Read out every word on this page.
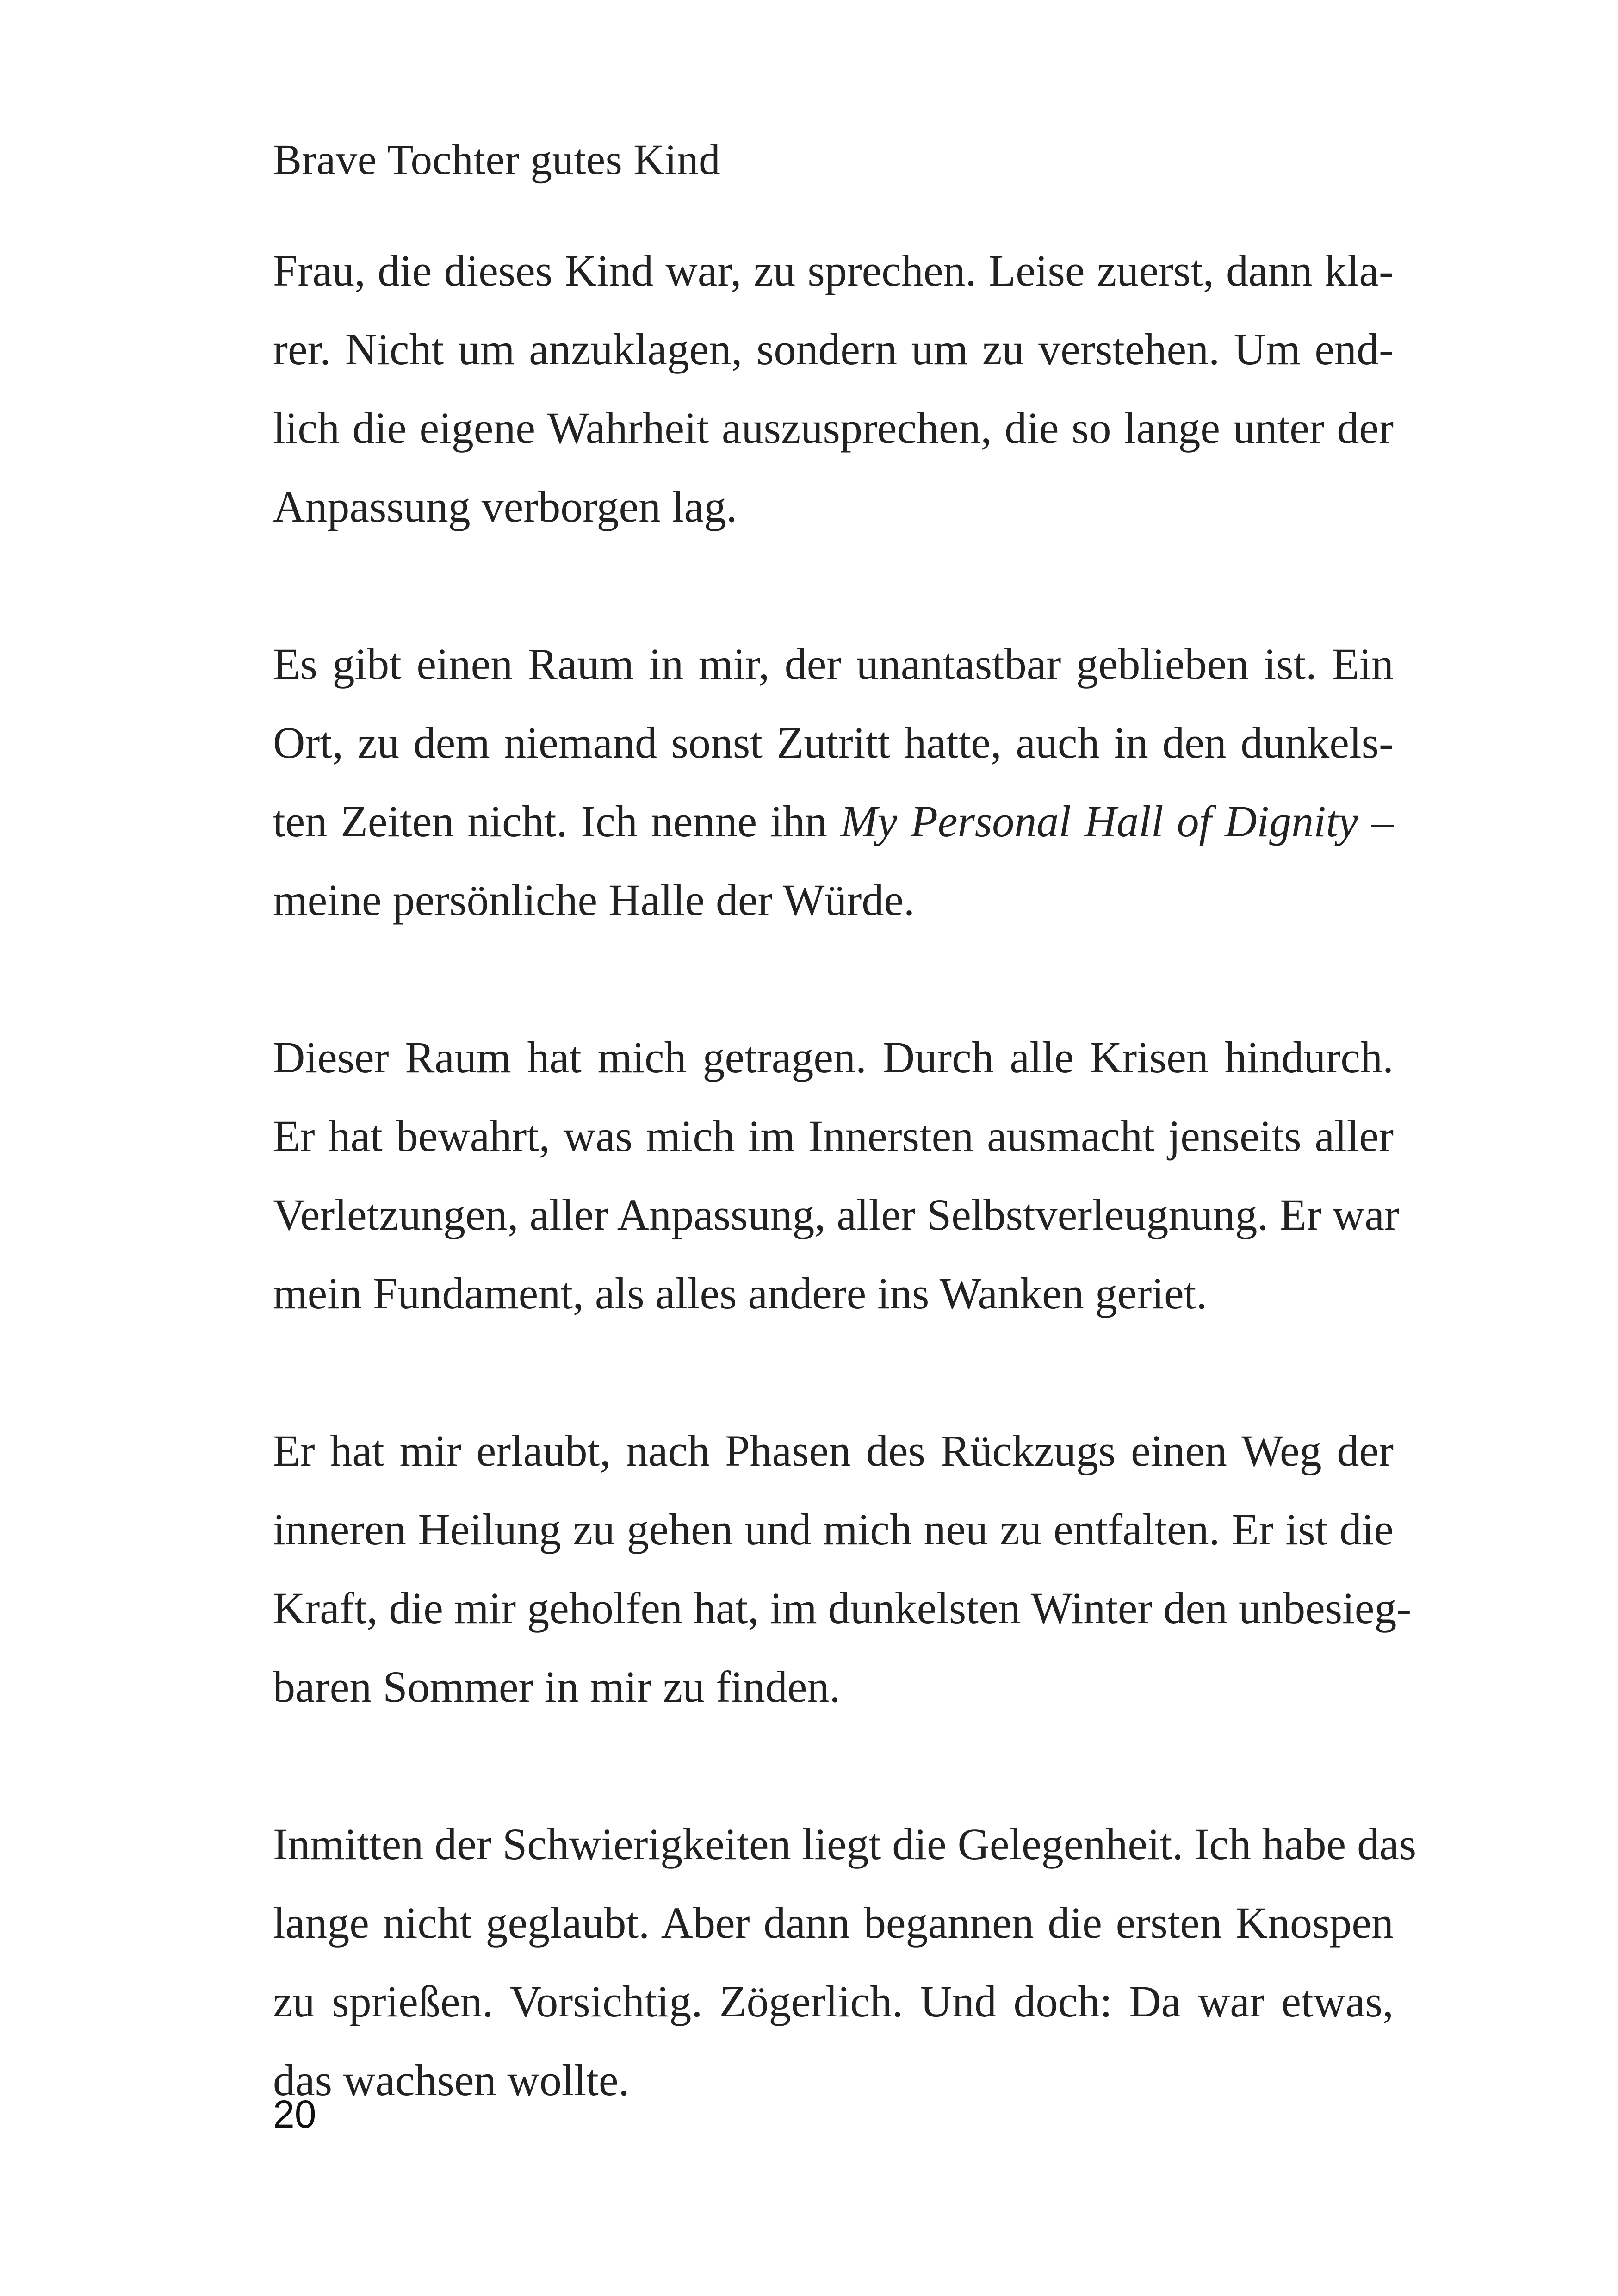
Brave Tochter gutes Kind

Frau, die dieses Kind war, zu sprechen. Leise zuerst, dann kla-
rer. Nicht um anzuklagen, sondern um zu verstehen. Um end-
lich die eigene Wahrheit auszusprechen, die so lange unter der
Anpassung verborgen lag.

Es gibt einen Raum in mir, der unantastbar geblieben ist. Ein
Ort, zu dem niemand sonst Zutritt hatte, auch in den dunkels-
ten Zeiten nicht. Ich nenne ihn My Personal Hall of Dignity –
meine persönliche Halle der Würde.

Dieser Raum hat mich getragen. Durch alle Krisen hindurch.
Er hat bewahrt, was mich im Innersten ausmacht jenseits aller
Verletzungen, aller Anpassung, aller Selbstverleugnung. Er war
mein Fundament, als alles andere ins Wanken geriet.

Er hat mir erlaubt, nach Phasen des Rückzugs einen Weg der
inneren Heilung zu gehen und mich neu zu entfalten. Er ist die
Kraft, die mir geholfen hat, im dunkelsten Winter den unbesieg-
baren Sommer in mir zu finden.

Inmitten der Schwierigkeiten liegt die Gelegenheit. Ich habe das
lange nicht geglaubt. Aber dann begannen die ersten Knospen
zu sprießen. Vorsichtig. Zögerlich. Und doch: Da war etwas,
das wachsen wollte.

20
